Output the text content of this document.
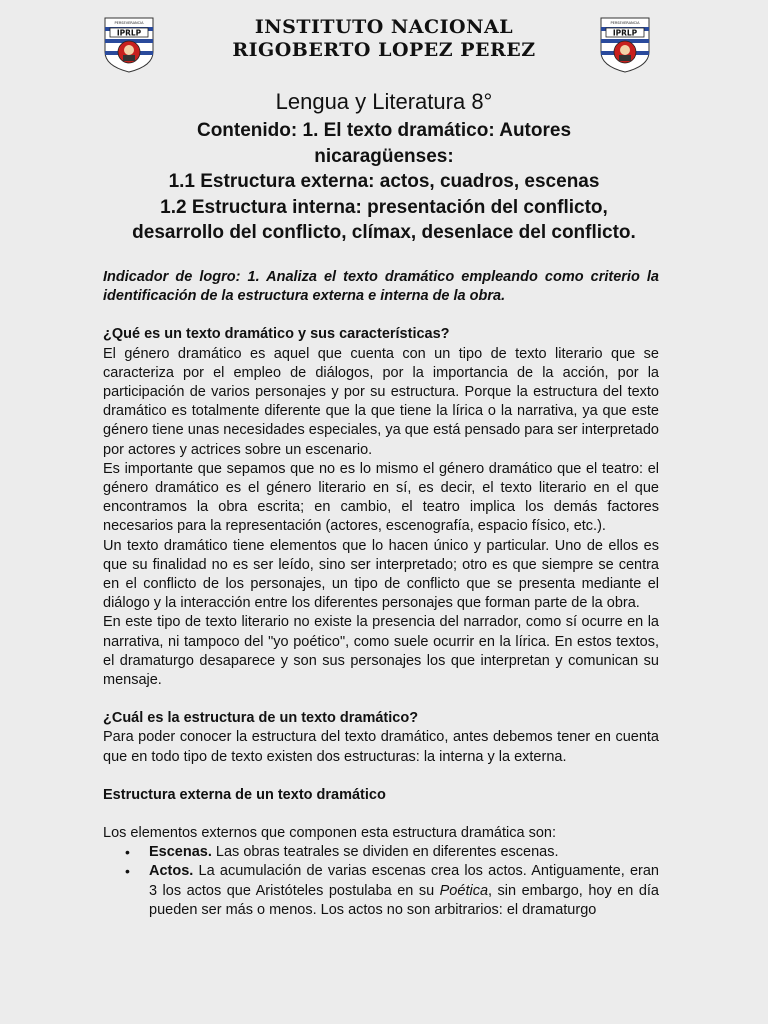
PERSEVERANCIA
IPRLP	INSTITUTO NACIONAL
RIGOBERTO LOPEZ PEREZ
PERSEVERANCIA
IPRLP
Lengua y Literatura 8°
Contenido: 1. El texto dramático: Autores
nicaragüenses:
1.1 Estructura externa: actos, cuadros, escenas
1.2 Estructura interna: presentación del conflicto,
desarrollo del conflicto, clímax, desenlace del conflicto.

Indicador de logro: 1. Analiza el texto dramático empleando como criterio la identificación de la estructura externa e interna de la obra.

¿Qué es un texto dramático y sus características?

El género dramático es aquel que cuenta con un tipo de texto literario que se caracteriza por el empleo de diálogos, por la importancia de la acción, por la participación de varios personajes y por su estructura. Porque la estructura del texto dramático es totalmente diferente que la que tiene la lírica o la narrativa, ya que este género tiene unas necesidades especiales, ya que está pensado para ser interpretado por actores y actrices sobre un escenario.

Es importante que sepamos que no es lo mismo el género dramático que el teatro: el género dramático es el género literario en sí, es decir, el texto literario en el que encontramos la obra escrita; en cambio, el teatro implica los demás factores necesarios para la representación (actores, escenografía, espacio físico, etc.).

Un texto dramático tiene elementos que lo hacen único y particular. Uno de ellos es que su finalidad no es ser leído, sino ser interpretado; otro es que siempre se centra en el conflicto de los personajes, un tipo de conflicto que se presenta mediante el diálogo y la interacción entre los diferentes personajes que forman parte de la obra.

En este tipo de texto literario no existe la presencia del narrador, como sí ocurre en la narrativa, ni tampoco del "yo poético", como suele ocurrir en la lírica. En estos textos, el dramaturgo desaparece y son sus personajes los que interpretan y comunican su mensaje.

¿Cuál es la estructura de un texto dramático?

Para poder conocer la estructura del texto dramático, antes debemos tener en cuenta que en todo tipo de texto existen dos estructuras: la interna y la externa.

Estructura externa de un texto dramático

Los elementos externos que componen esta estructura dramática son:

• Escenas. Las obras teatrales se dividen en diferentes escenas.
• Actos. La acumulación de varias escenas crea los actos. Antiguamente, eran 3 los actos que Aristóteles postulaba en su Poética, sin embargo, hoy en día pueden ser más o menos. Los actos no son arbitrarios: el dramaturgo
